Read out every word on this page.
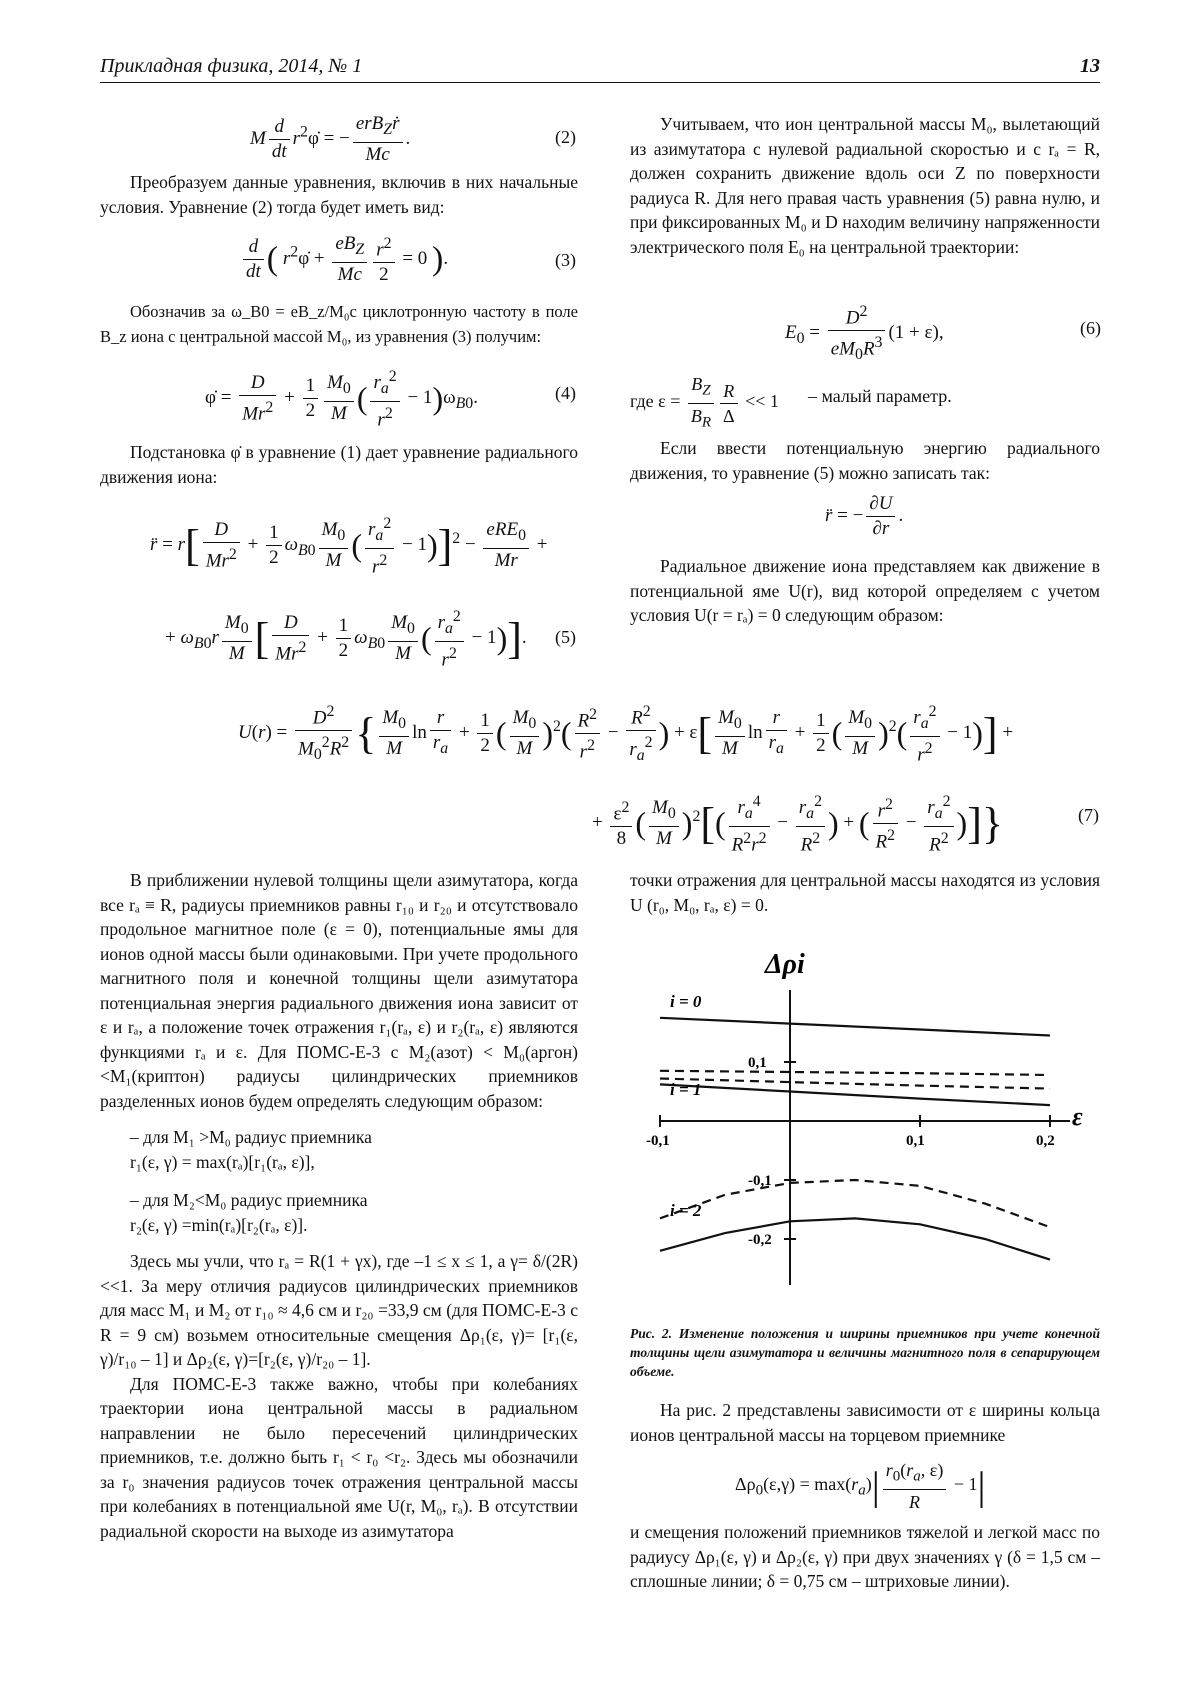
Прикладная физика, 2014, № 1	13
M $\frac{d}{dt}$ $r^2\varphi̇$ = − $\frac{erB_Zṙ}{Mc}$ .	(2)

Преобразуем данные уравнения, включив в них начальные условия. Уравнение (2) тогда будет иметь вид:

$\frac{d}{dt}$ ( $r^2\varphi̇ + \frac{eB_Z}{Mc} \frac{r^2}{2} = 0$ ).	(3)

Обозначив за ω_B0 = eB_z/M₀c циклотронную частоту в поле B_z иона с центральной массой M₀, из уравнения (3) получим:

φ̇ = $\frac{D}{Mr^2} + \frac{1}{2} \frac{M_0}{M}$ ( $\frac{r_a^2}{r^2} - 1)\omega_{B0}$.	(4)

Подстановка φ̇ в уравнение (1) дает уравнение радиального движения иона:

r̈ = $r[ \frac{D}{Mr^2} + \frac{1}{2} \omega_{B0} \frac{M_0}{M}$ ( $\frac{r_a^2}{r^2} - 1)]^2 - \frac{eRE_0}{Mr}$ +
+ $\omega_{B0}r \frac{M_0}{M}$ [ $\frac{D}{Mr^2} + \frac{1}{2} \omega_{B0} \frac{M_0}{M}$ ( $\frac{r_a^2}{r^2} - 1$)]. (5)

Учитываем, что ион центральной массы M₀, вылетающий из азимутатора с нулевой радиальной скоростью и с rₐ = R, должен сохранить движение вдоль оси Z по поверхности радиуса R. Для него правая часть уравнения (5) равна нулю, и при фиксированных M₀ и D находим величину напряженности электрического поля E₀ на центральной траектории:

$E_0 = \frac{D^2}{eM_0R^3} (1 + \varepsilon)$,	(6)
где $\varepsilon = \frac{B_Z}{B_R} \frac{R}{\Delta} << 1$ – малый параметр.

Если ввести потенциальную энергию радиального движения, то уравнение (5) можно записать так:

r̈ = − $\frac{\partial U}{\partial r}$ .

Радиальное движение иона представляем как движение в потенциальной яме U(r), вид которой определяем с учетом условия U(r = rₐ) = 0 следующим образом:

$U(r) = \frac{D^2}{M_0^2R^2}$ { $\frac{M_0}{M}$ $\ln \frac{r}{r_a} + \frac{1}{2}$ ( $\frac{M_0}{M} )^2( \frac{R^2}{r^2} - \frac{R^2}{r_a^2}$ ) + $\varepsilon[ \frac{M_0}{M}$ $\ln \frac{r}{r_a} + \frac{1}{2}$ ( $\frac{M_0}{M} )^2( \frac{r_a^2}{r^2} - 1)$] +
+ $\frac{\varepsilon^2}{8}$ ( $\frac{M_0}{M} )^2[( \frac{r_a^4}{R^2r^2} - \frac{r_a^2}{R^2}$ ) + ( $\frac{r^2}{R^2} - \frac{r_a^2}{R^2}$ )]}	(7)

В приближении нулевой толщины щели азимутатора, когда все rₐ ≡ R, радиусы приемников равны r₁₀ и r₂₀ и отсутствовало продольное магнитное поле (ε = 0), потенциальные ямы для ионов одной массы были одинаковыми. При учете продольного магнитного поля и конечной толщины щели азимутатора потенциальная энергия радиального движения иона зависит от ε и rₐ, а положение точек отражения r₁(rₐ, ε) и r₂(rₐ, ε) являются функциями rₐ и ε. Для ПОМС-Е-3 с M₂(азот) < M₀(аргон) <M₁(криптон) радиусы цилиндрических приемников разделенных ионов будем определять следующим образом:

– для M₁ >M₀ радиус приемника

r₁(ε, γ) = max(rₐ)[r₁(rₐ, ε)],

– для M₂<M₀ радиус приемника

r₂(ε, γ) =min(rₐ)[r₂(rₐ, ε)].

Здесь мы учли, что rₐ = R(1 + γx), где –1 ≤ x ≤ 1, а γ= δ/(2R)<<1. За меру отличия радиусов цилиндрических приемников для масс M₁ и M₂ от r₁₀ ≈ 4,6 см и r₂₀ =33,9 см (для ПОМС-Е-3 с R = 9 см) возьмем относительные смещения Δρ₁(ε, γ)= [r₁(ε, γ)/r₁₀ – 1] и Δρ₂(ε, γ)=[r₂(ε, γ)/r₂₀ – 1].

Для ПОМС-Е-3 также важно, чтобы при колебаниях траектории иона центральной массы в радиальном направлении не было пересечений цилиндрических приемников, т.е. должно быть r₁ < r₀ <r₂. Здесь мы обозначили за r₀ значения радиусов точек отражения центральной массы при колебаниях в потенциальной яме U(r, M₀, rₐ). В отсутствии радиальной скорости на выходе из азимутатора

точки отражения для центральной массы находятся из условия U (r₀, M₀, rₐ, ε) = 0.

Δρi
ε
-0,1	0,1	0,2
0,1
-0,1
-0,2
i = 0
i = 1
i = 2
Рис. 2. Изменение положения и ширины приемников при учете конечной толщины щели азимутатора и величины магнитного поля в сепарирующем объеме.

На рис. 2 представлены зависимости от ε ширины кольца ионов центральной массы на торцевом приемнике

$\Delta\rho_0(\varepsilon,\gamma) = \max(r_a)| \frac{r_0(r_a, \varepsilon)}{R} - 1|$

и смещения положений приемников тяжелой и легкой масс по радиусу Δρ₁(ε, γ) и Δρ₂(ε, γ) при двух значениях γ (δ = 1,5 см – сплошные линии; δ = 0,75 см – штриховые линии).
